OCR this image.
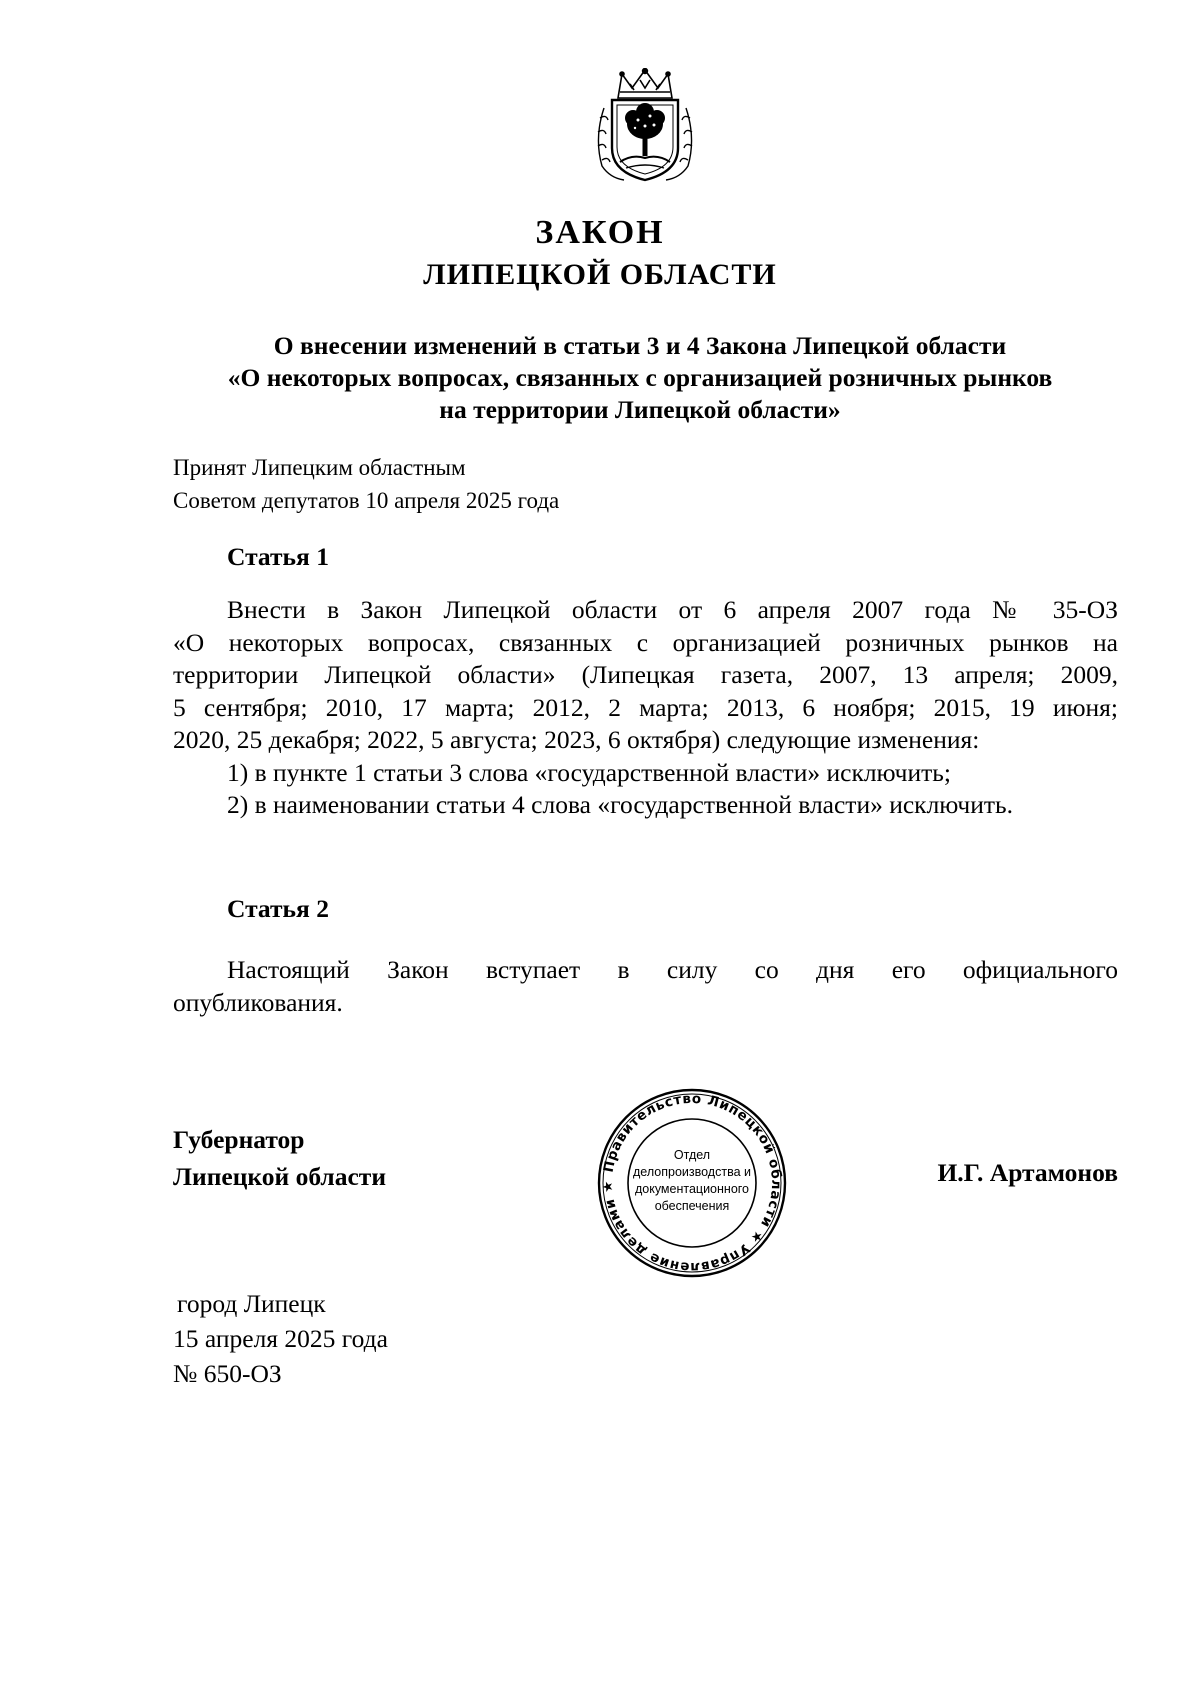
ЗАКОН
ЛИПЕЦКОЙ ОБЛАСТИ
О внесении изменений в статьи 3 и 4 Закона Липецкой области
«О некоторых вопросах, связанных с организацией розничных рынков
на территории Липецкой области»
Принят Липецким областным
Советом депутатов 10 апреля 2025 года
Статья 1
Внести в Закон Липецкой области от 6 апреля 2007 года № 35-ОЗ
«О некоторых вопросах, связанных с организацией розничных рынков на
территории Липецкой области» (Липецкая газета, 2007, 13 апреля; 2009,
5 сентября; 2010, 17 марта; 2012, 2 марта; 2013, 6 ноября; 2015, 19 июня;
2020, 25 декабря; 2022, 5 августа; 2023, 6 октября) следующие изменения:
1) в пункте 1 статьи 3 слова «государственной власти» исключить;
2) в наименовании статьи 4 слова «государственной власти» исключить.
Статья 2
Настоящий Закон вступает в силу со дня его официального
опубликования.
Губернатор
Липецкой области	Правительство Липецкой области ★ Управление делами ★
Отдел
делопроизводства и
документационного
обеспечения
И.Г. Артамонов
город Липецк
15 апреля 2025 года
№ 650-ОЗ
